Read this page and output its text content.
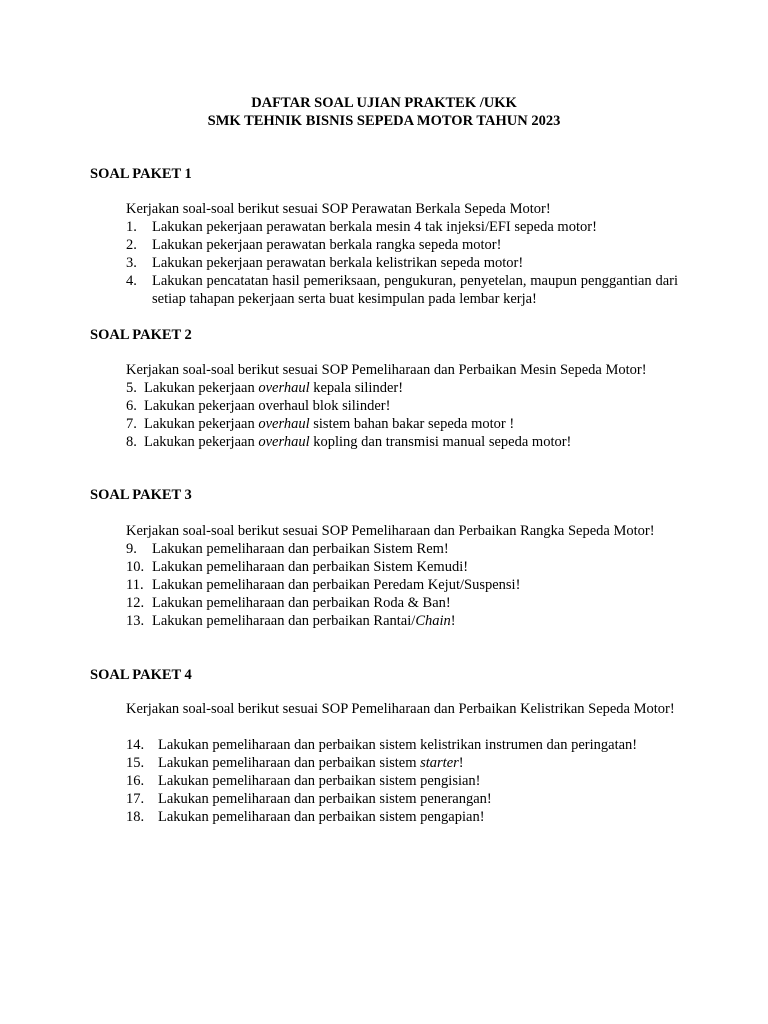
DAFTAR SOAL UJIAN PRAKTEK /UKK
SMK TEHNIK BISNIS SEPEDA MOTOR TAHUN 2023
SOAL PAKET 1
Kerjakan soal-soal berikut sesuai SOP Perawatan Berkala Sepeda Motor!
1.	Lakukan pekerjaan perawatan berkala mesin 4 tak injeksi/EFI sepeda motor!
2.	Lakukan pekerjaan perawatan berkala rangka sepeda motor!
3.	Lakukan pekerjaan perawatan berkala kelistrikan sepeda motor!
4.	Lakukan pencatatan hasil pemeriksaan, pengukuran, penyetelan, maupun penggantian dari setiap tahapan pekerjaan serta buat kesimpulan pada lembar kerja!
SOAL PAKET 2
Kerjakan soal-soal berikut sesuai SOP Pemeliharaan dan Perbaikan Mesin Sepeda Motor!
5. Lakukan pekerjaan overhaul kepala silinder!
6. Lakukan pekerjaan overhaul blok silinder!
7. Lakukan pekerjaan overhaul sistem bahan bakar sepeda motor !
8. Lakukan pekerjaan overhaul kopling dan transmisi manual sepeda motor!
SOAL PAKET 3
Kerjakan soal-soal berikut sesuai SOP Pemeliharaan dan Perbaikan Rangka Sepeda Motor!
9.	Lakukan pemeliharaan dan perbaikan Sistem Rem!
10. Lakukan pemeliharaan dan perbaikan Sistem Kemudi!
11. Lakukan pemeliharaan dan perbaikan Peredam Kejut/Suspensi!
12. Lakukan pemeliharaan dan perbaikan Roda & Ban!
13. Lakukan pemeliharaan dan perbaikan Rantai/Chain!
SOAL PAKET 4
Kerjakan soal-soal berikut sesuai SOP Pemeliharaan dan Perbaikan Kelistrikan Sepeda Motor!
14. Lakukan pemeliharaan dan perbaikan sistem kelistrikan instrumen dan peringatan!
15. Lakukan pemeliharaan dan perbaikan sistem starter!
16. Lakukan pemeliharaan dan perbaikan sistem pengisian!
17. Lakukan pemeliharaan dan perbaikan sistem penerangan!
18. Lakukan pemeliharaan dan perbaikan sistem pengapian!
